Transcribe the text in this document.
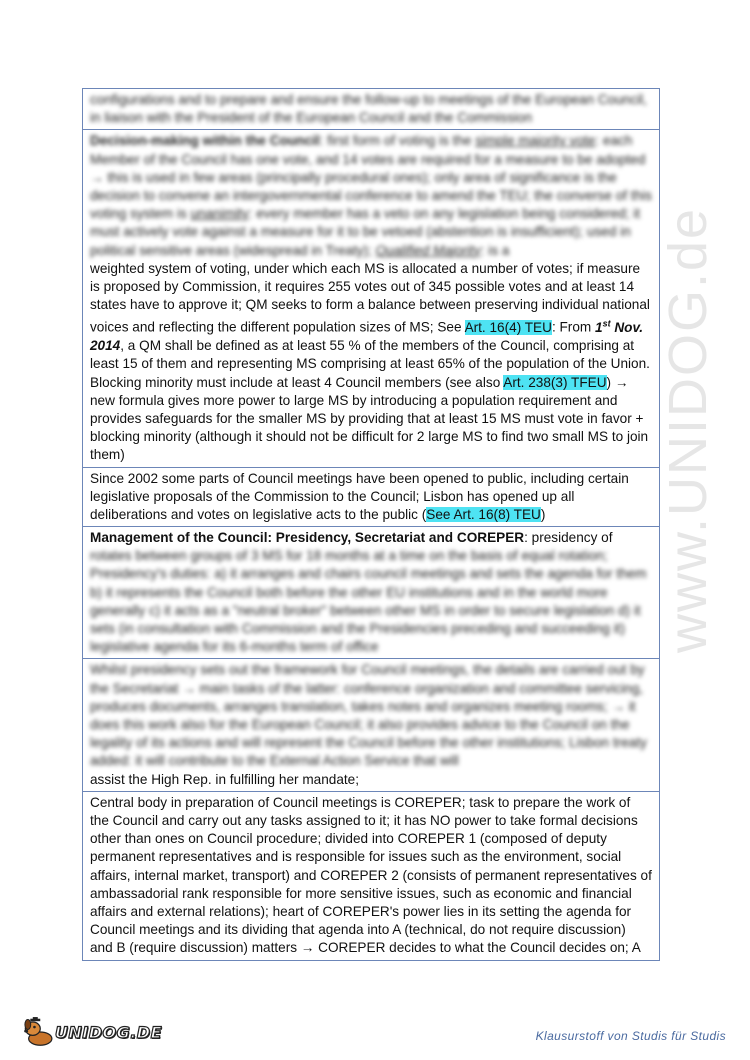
www.UNIDOG.de
configurations and to prepare and ensure the follow-up to meetings of the European Council, in liaison with the President of the European Council and the Commission
Decision-making within the Council: first form of voting is the simple majority vote: each Member of the Council has one vote, and 14 votes are required for a measure to be adopted → this is used in few areas (principally procedural ones); only area of significance is the decision to convene an intergovernmental conference to amend the TEU; the converse of this voting system is unanimity: every member has a veto on any legislation being considered; it must actively vote against a measure for it to be vetoed (abstention is insufficient); used in political sensitive areas (widespread in Treaty); Qualified Majority: is a
weighted system of voting, under which each MS is allocated a number of votes; if measure is proposed by Commission, it requires 255 votes out of 345 possible votes and at least 14 states have to approve it; QM seeks to form a balance between preserving individual national voices and reflecting the different population sizes of MS; See Art. 16(4) TEU: From 1st Nov. 2014, a QM shall be defined as at least 55 % of the members of the Council, comprising at least 15 of them and representing MS comprising at least 65% of the population of the Union. Blocking minority must include at least 4 Council members (see also Art. 238(3) TFEU) → new formula gives more power to large MS by introducing a population requirement and provides safeguards for the smaller MS by providing that at least 15 MS must vote in favor + blocking minority (although it should not be difficult for 2 large MS to find two small MS to join them)
Since 2002 some parts of Council meetings have been opened to public, including certain legislative proposals of the Commission to the Council; Lisbon has opened up all deliberations and votes on legislative acts to the public (See Art. 16(8) TEU)
Management of the Council: Presidency, Secretariat and COREPER: presidency of
rotates between groups of 3 MS for 18 months at a time on the basis of equal rotation; Presidency's duties: a) it arranges and chairs council meetings and sets the agenda for them b) it represents the Council both before the other EU institutions and in the world more generally c) it acts as a "neutral broker" between other MS in order to secure legislation d) it sets (in consultation with Commission and the Presidencies preceding and succeeding it) legislative agenda for its 6-months term of office
Whilst presidency sets out the framework for Council meetings, the details are carried out by the Secretariat → main tasks of the latter: conference organization and committee servicing, produces documents, arranges translation, takes notes and organizes meeting rooms; → it does this work also for the European Council; it also provides advice to the Council on the legality of its actions and will represent the Council before the other institutions; Lisbon treaty added: it will contribute to the External Action Service that will
assist the High Rep. in fulfilling her mandate;
Central body in preparation of Council meetings is COREPER; task to prepare the work of the Council and carry out any tasks assigned to it; it has NO power to take formal decisions other than ones on Council procedure; divided into COREPER 1 (composed of deputy permanent representatives and is responsible for issues such as the environment, social affairs, internal market, transport) and COREPER 2 (consists of permanent representatives of ambassadorial rank responsible for more sensitive issues, such as economic and financial affairs and external relations); heart of COREPER's power lies in its setting the agenda for Council meetings and its dividing that agenda into A (technical, do not require discussion) and B (require discussion) matters → COREPER decides to what the Council decides on; A
UNIDOG.DE	Klausurstoff von Studis für Studis
